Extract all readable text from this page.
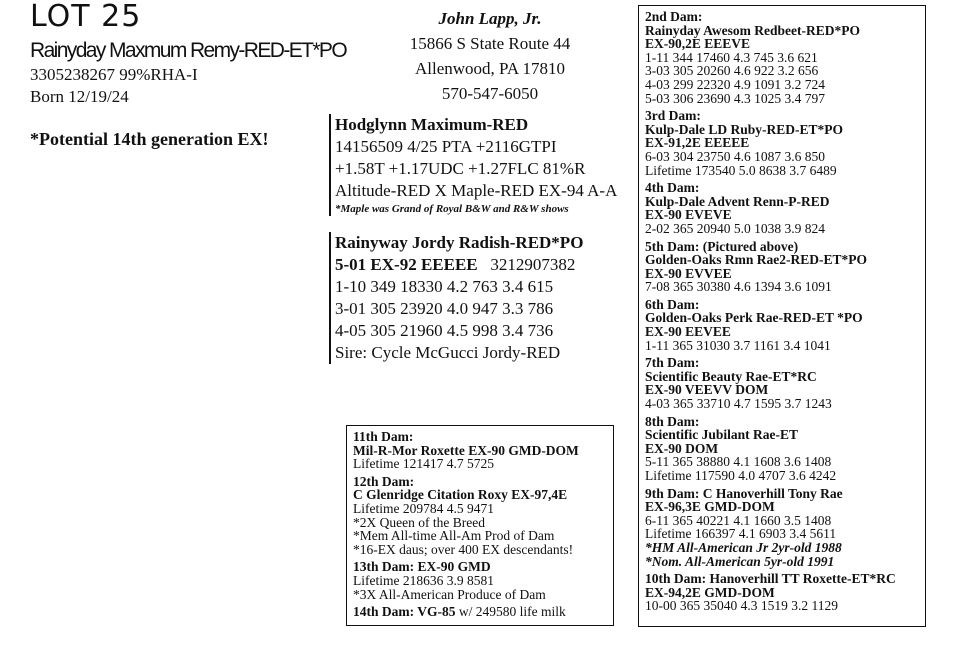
LOT 25
Rainyday Maxmum Remy-RED-ET*PO
3305238267 99%RHA-I
Born 12/19/24
*Potential 14th generation EX!
John Lapp, Jr.
15866 S State Route 44
Allenwood, PA 17810
570-547-6050
Hodglynn Maximum-RED
14156509 4/25 PTA +2116GTPI
+1.58T +1.17UDC +1.27FLC 81%R
Altitude-RED X Maple-RED EX-94 A-A
*Maple was Grand of Royal B&W and R&W shows
Rainyway Jordy Radish-RED*PO
5-01 EX-92 EEEEE 3212907382
1-10 349 18330 4.2 763 3.4 615
3-01 305 23920 4.0 947 3.3 786
4-05 305 21960 4.5 998 3.4 736
Sire: Cycle McGucci Jordy-RED
2nd Dam:
Rainyday Awesom Redbeet-RED*PO
EX-90,2E EEEVE
1-11 344 17460 4.3 745 3.6 621
3-03 305 20260 4.6 922 3.2 656
4-03 299 22320 4.9 1091 3.2 724
5-03 306 23690 4.3 1025 3.4 797
3rd Dam:
Kulp-Dale LD Ruby-RED-ET*PO
EX-91,2E EEEEE
6-03 304 23750 4.6 1087 3.6 850
Lifetime 173540 5.0 8638 3.7 6489
4th Dam:
Kulp-Dale Advent Renn-P-RED
EX-90 EVEVE
2-02 365 20940 5.0 1038 3.9 824
5th Dam: (Pictured above)
Golden-Oaks Rmn Rae2-RED-ET*PO
EX-90 EVVEE
7-08 365 30380 4.6 1394 3.6 1091
6th Dam:
Golden-Oaks Perk Rae-RED-ET *PO
EX-90 EEVEE
1-11 365 31030 3.7 1161 3.4 1041
7th Dam:
Scientific Beauty Rae-ET*RC
EX-90 VEEVV DOM
4-03 365 33710 4.7 1595 3.7 1243
8th Dam:
Scientific Jubilant Rae-ET
EX-90 DOM
5-11 365 38880 4.1 1608 3.6 1408
Lifetime 117590 4.0 4707 3.6 4242
9th Dam: C Hanoverhill Tony Rae
EX-96,3E GMD-DOM
6-11 365 40221 4.1 1660 3.5 1408
Lifetime 166397 4.1 6903 3.4 5611
*HM All-American Jr 2yr-old 1988
*Nom. All-American 5yr-old 1991
10th Dam: Hanoverhill TT Roxette-ET*RC
EX-94,2E GMD-DOM
10-00 365 35040 4.3 1519 3.2 1129
11th Dam:
Mil-R-Mor Roxette EX-90 GMD-DOM
Lifetime 121417 4.7 5725
12th Dam:
C Glenridge Citation Roxy EX-97,4E
Lifetime 209784 4.5 9471
*2X Queen of the Breed
*Mem All-time All-Am Prod of Dam
*16-EX daus; over 400 EX descendants!
13th Dam: EX-90 GMD
Lifetime 218636 3.9 8581
*3X All-American Produce of Dam
14th Dam: VG-85 w/ 249580 life milk
